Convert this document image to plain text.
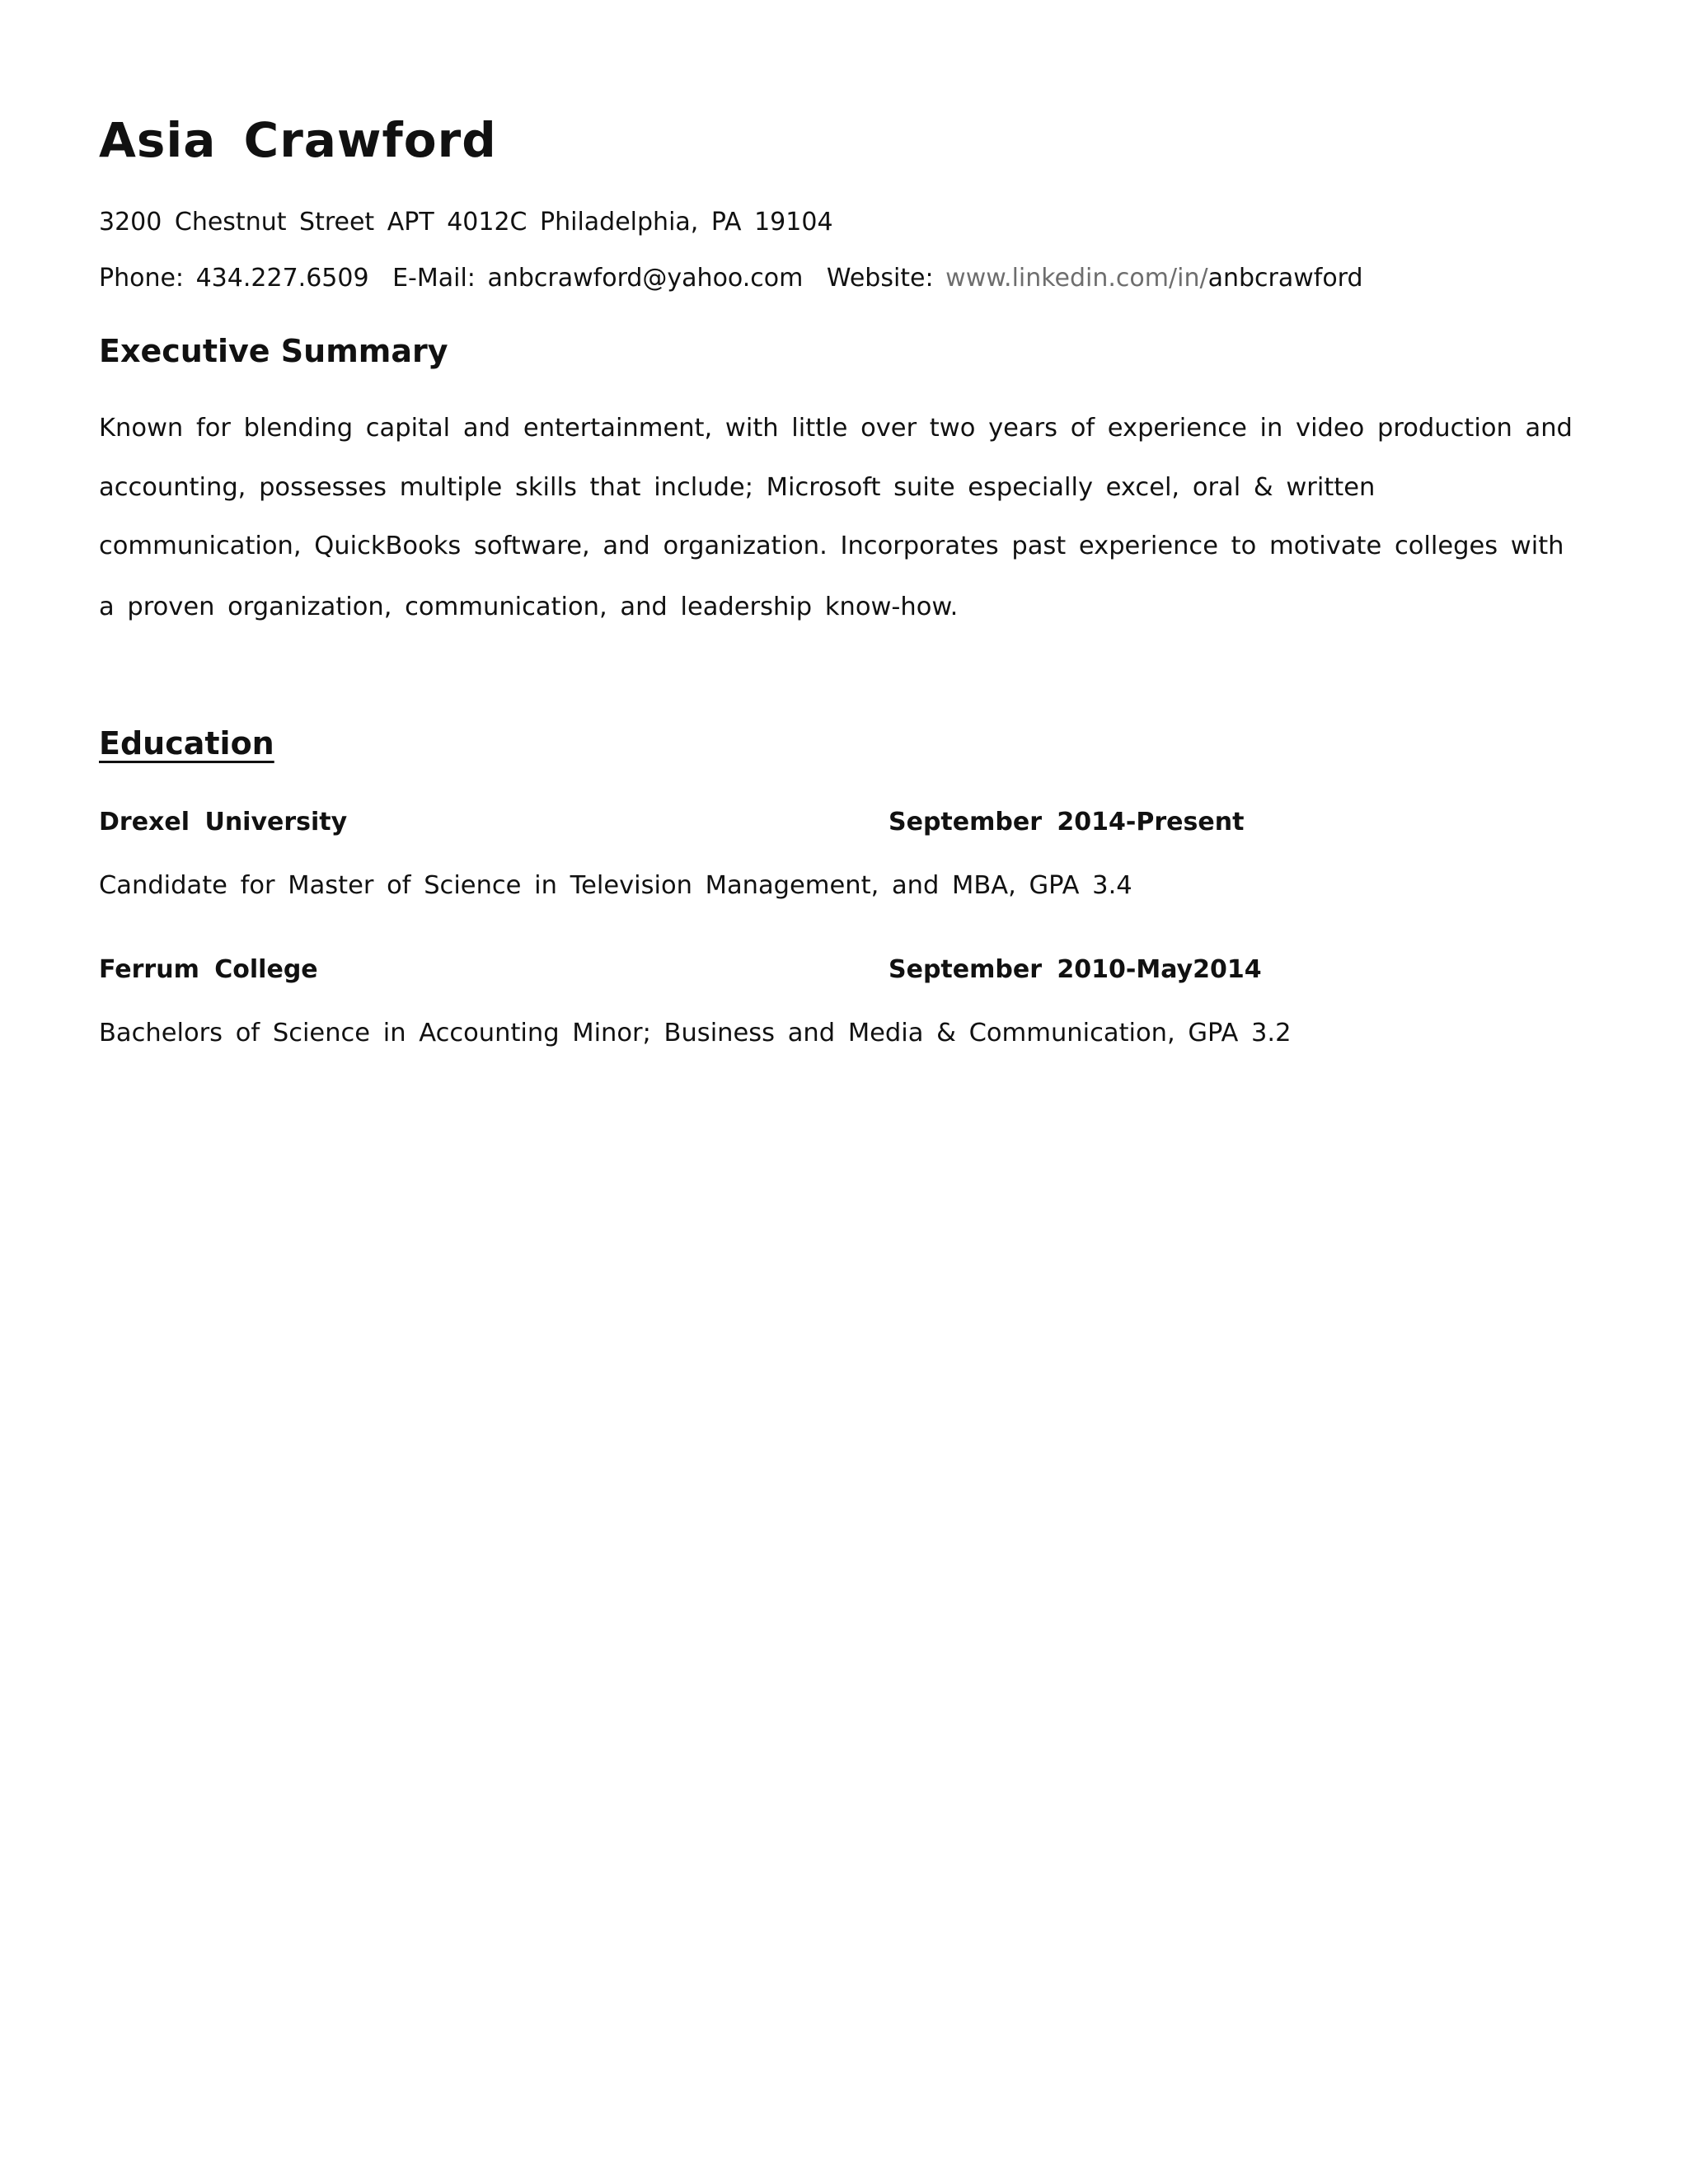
Asia Crawford
3200 Chestnut Street APT 4012C Philadelphia, PA 19104
Phone: 434.227.6509 E-Mail: anbcrawford@yahoo.com Website: www.linkedin.com/in/anbcrawford
Executive Summary
Known for blending capital and entertainment, with little over two years of experience in video production and
accounting, possesses multiple skills that include; Microsoft suite especially excel, oral & written
communication, QuickBooks software, and organization. Incorporates past experience to motivate colleges with
a proven organization, communication, and leadership know-how.
Education
Drexel University	September 2014-Present
Candidate for Master of Science in Television Management, and MBA, GPA 3.4
Ferrum College	September 2010-May2014
Bachelors of Science in Accounting Minor; Business and Media & Communication, GPA 3.2
